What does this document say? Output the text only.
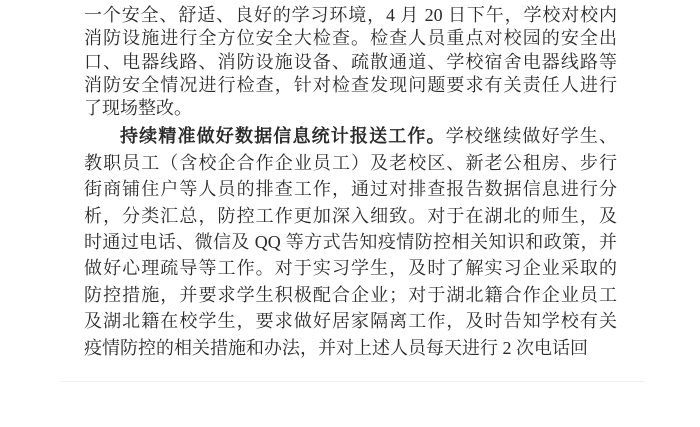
一个安全、舒适、良好的学习环境，4 月 20 日下午，学校对校内
消防设施进行全方位安全大检查。检查人员重点对校园的安全出
口、电器线路、消防设施设备、疏散通道、学校宿舍电器线路等
消防安全情况进行检查，针对检查发现问题要求有关责任人进行
了现场整改。
持续精准做好数据信息统计报送工作。学校继续做好学生、
教职员工（含校企合作企业员工）及老校区、新老公租房、步行
街商铺住户等人员的排查工作，通过对排查报告数据信息进行分
析，分类汇总，防控工作更加深入细致。对于在湖北的师生，及
时通过电话、微信及 QQ 等方式告知疫情防控相关知识和政策，并
做好心理疏导等工作。对于实习学生，及时了解实习企业采取的
防控措施，并要求学生积极配合企业；对于湖北籍合作企业员工
及湖北籍在校学生，要求做好居家隔离工作，及时告知学校有关
疫情防控的相关措施和办法，并对上述人员每天进行 2 次电话回
